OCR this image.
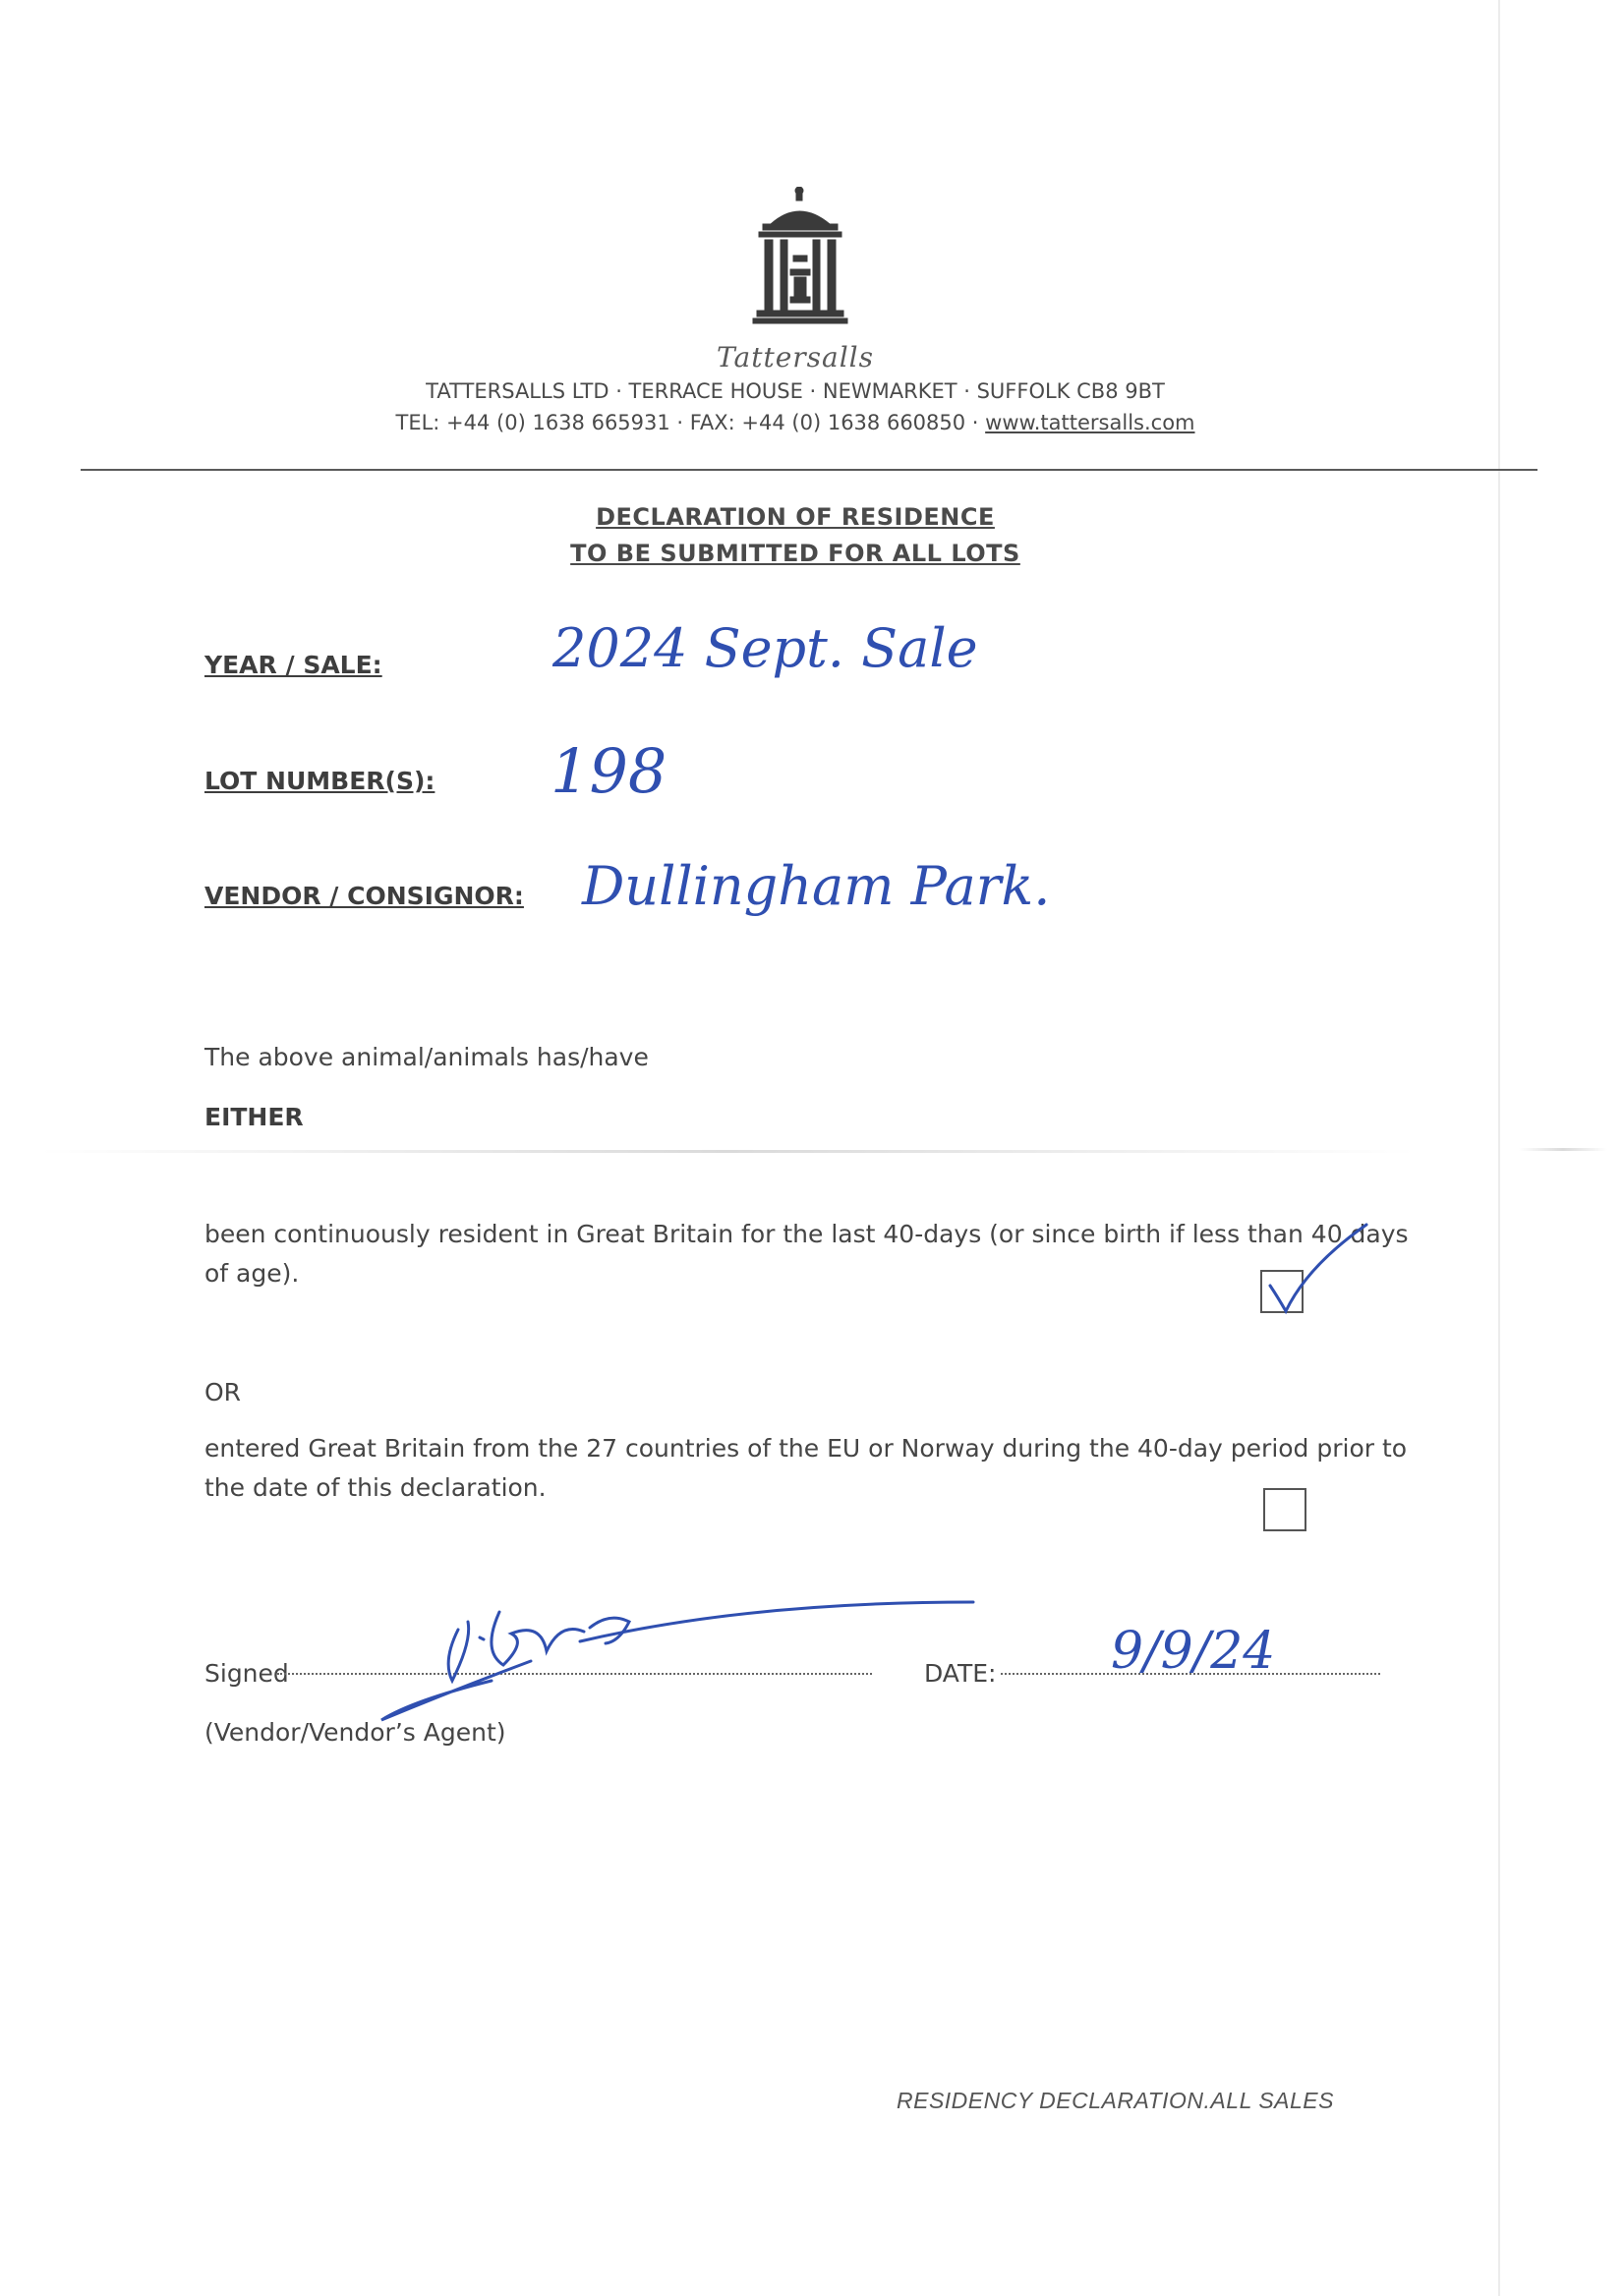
Tattersalls
TATTERSALLS LTD · TERRACE HOUSE · NEWMARKET · SUFFOLK CB8 9BT
TEL: +44 (0) 1638 665931 · FAX: +44 (0) 1638 660850 · www.tattersalls.com
DECLARATION OF RESIDENCE
TO BE SUBMITTED FOR ALL LOTS
YEAR / SALE:	2024 Sept. Sale
LOT NUMBER(S): 198
VENDOR / CONSIGNOR: Dullingham Park.
The above animal/animals has/have
EITHER
been continuously resident in Great Britain for the last 40-days (or since birth if less than 40 days of age).
OR
entered Great Britain from the 27 countries of the EU or Norway during the 40-day period prior to the date of this declaration.
Signed	DATE: 9/9/24
(Vendor/Vendor’s Agent)
RESIDENCY DECLARATION.ALL SALES
